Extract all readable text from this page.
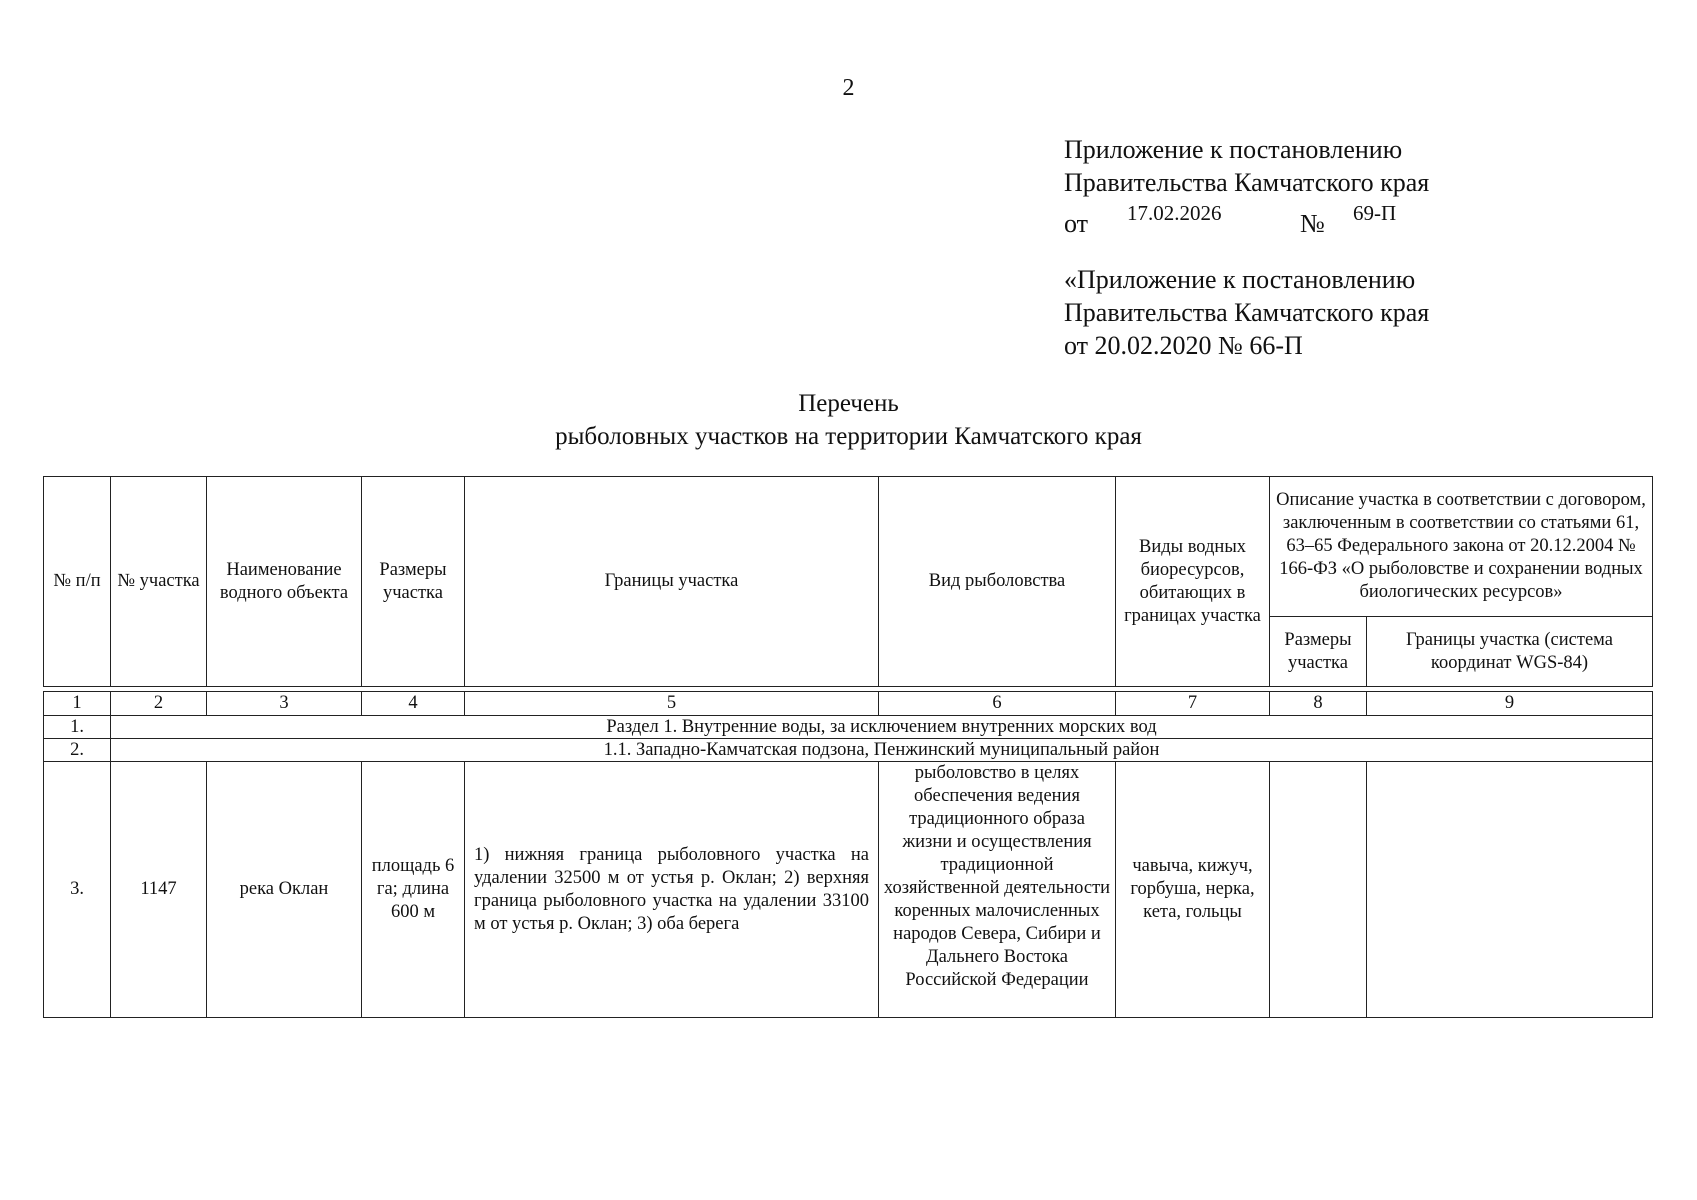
2
Приложение к постановлению
Правительства Камчатского края
от 17.02.2026	№ 69-П
«Приложение к постановлению
Правительства Камчатского края
от 20.02.2020 № 66-П
Перечень
рыболовных участков на территории Камчатского края
№ п/п	№ участка	Наименование водного объекта	Размеры участка	Границы участка	Вид рыболовства	Виды водных биоресурсов, обитающих в границах участка	Описание участка в соответствии с договором, заключенным в соответствии со статьями 61, 63–65 Федерального закона от 20.12.2004 № 166-ФЗ «О рыболовстве и сохранении водных биологических ресурсов»	
							Размеры участка	Границы участка (система координат WGS-84)
1	2	3	4	5	6	7	8	9
1.	Раздел 1. Внутренние воды, за исключением внутренних морских вод							
2.	1.1. Западно-Камчатская подзона, Пенжинский муниципальный район							
3.	1147	река Оклан	площадь 6 га; длина 600 м	1) нижняя граница рыболовного участка на удалении 32500 м от устья р. Оклан; 2) верхняя граница рыболовного участка на удалении 33100 м от устья р. Оклан; 3) оба берега	рыболовство в целях обеспечения ведения традиционного образа жизни и осуществления традиционной хозяйственной деятельности коренных малочисленных народов Севера, Сибири и Дальнего Востока Российской Федерации	чавыча, кижуч, горбуша, нерка, кета, гольцы		
